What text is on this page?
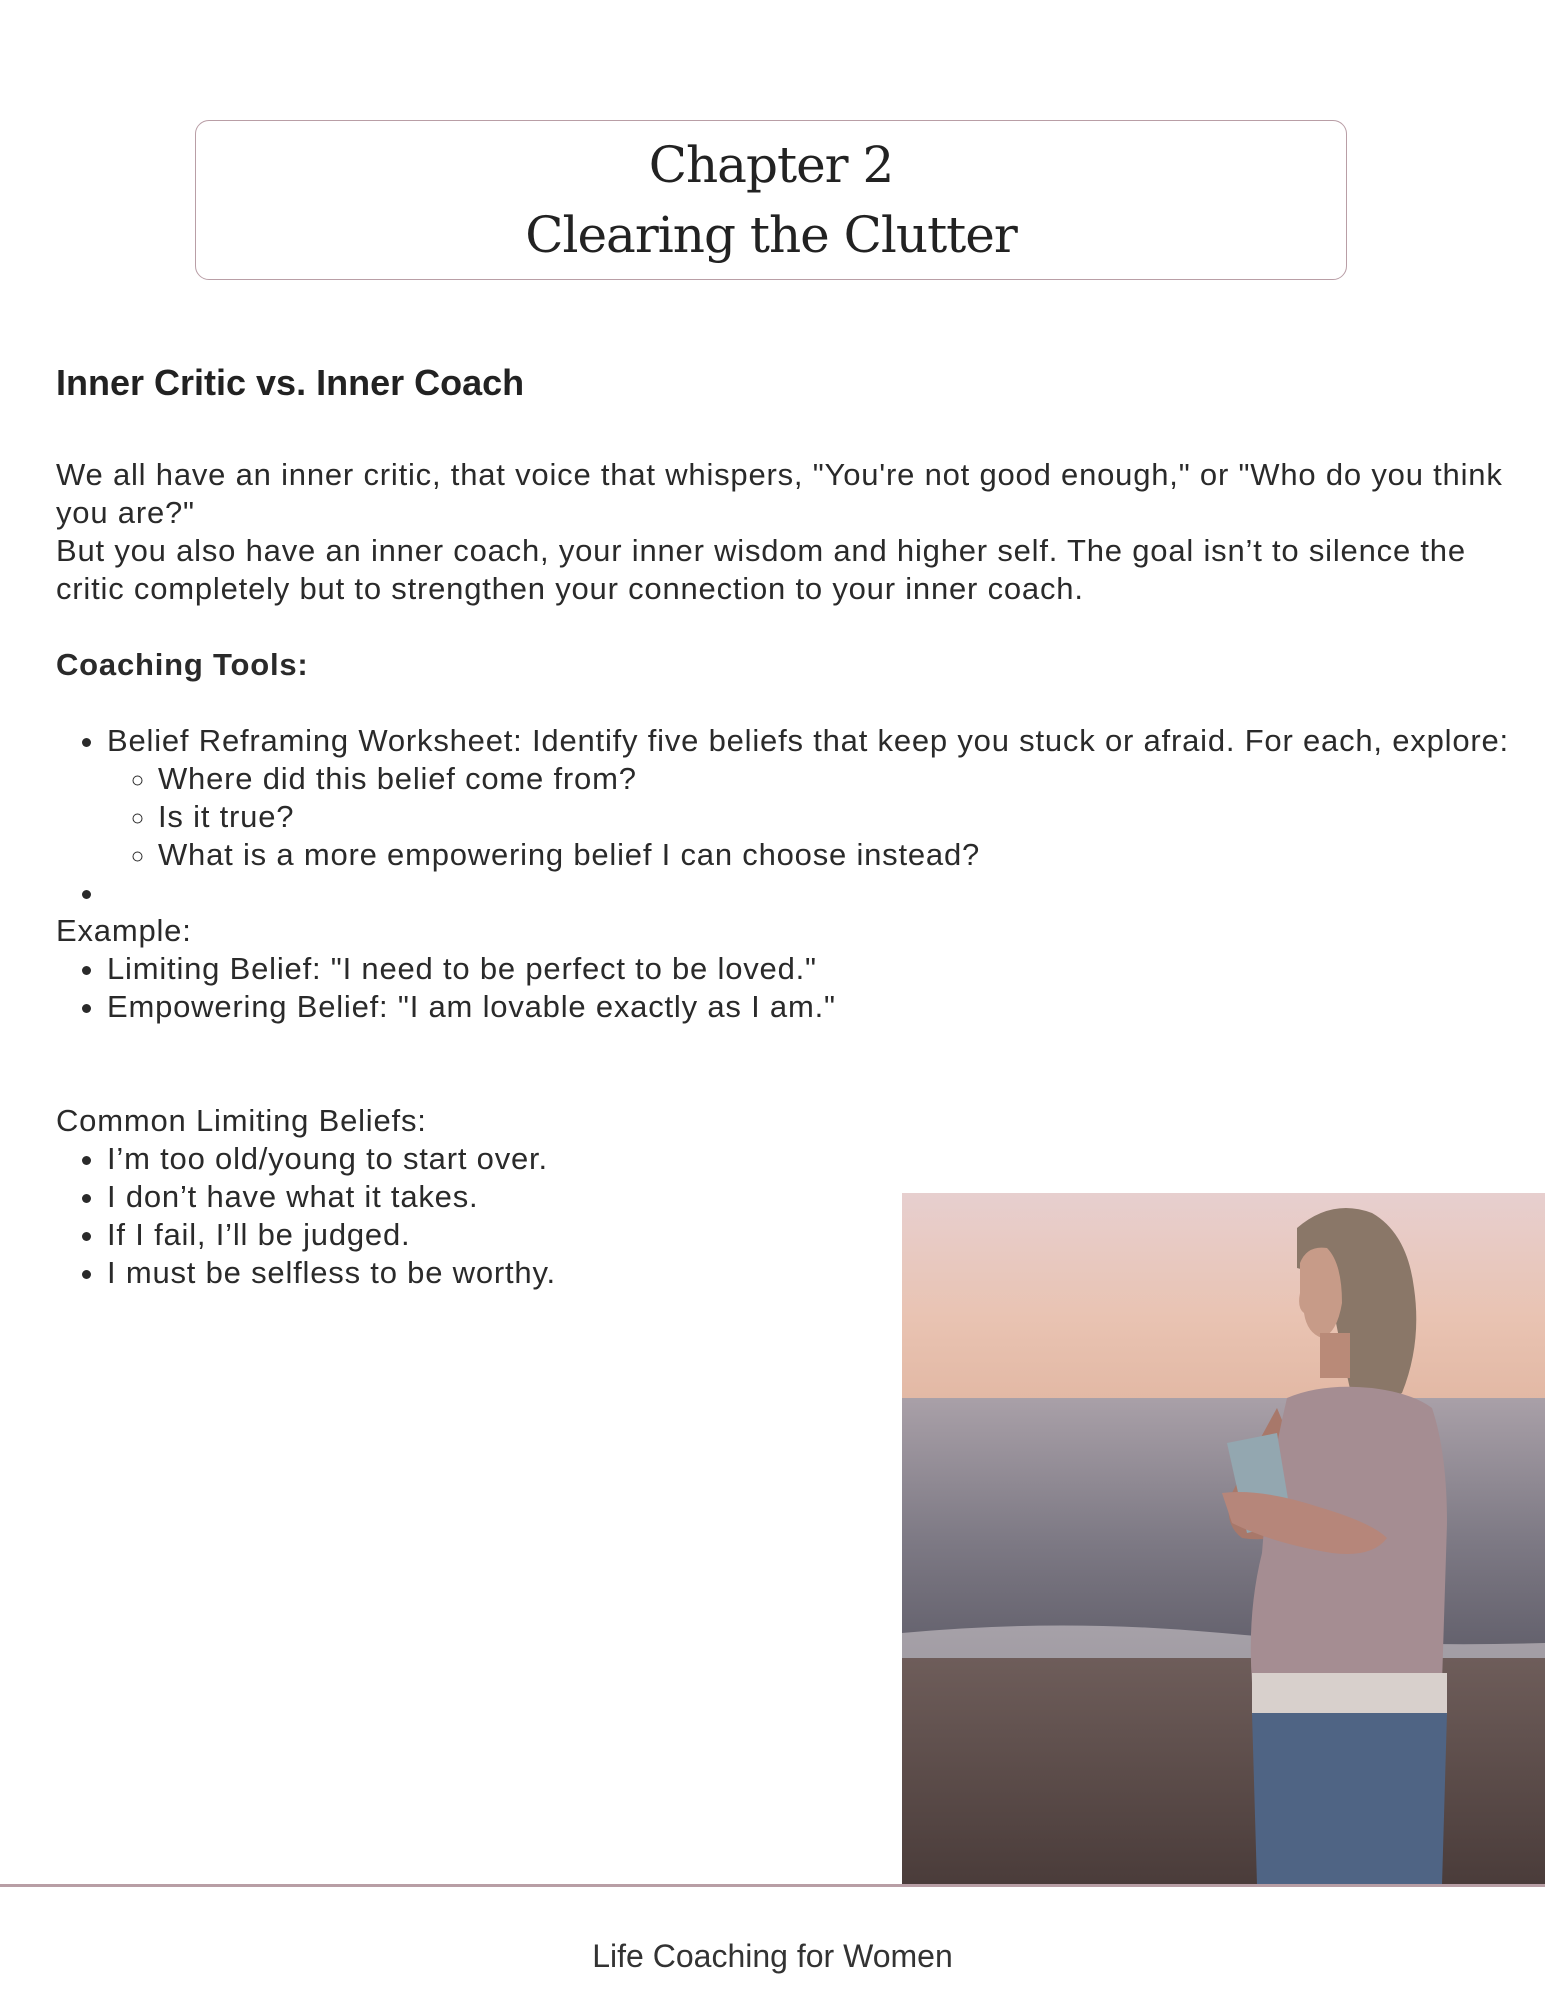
Chapter 2
Clearing the Clutter
Inner Critic vs. Inner Coach

We all have an inner critic, that voice that whispers, "You're not good enough," or "Who do you think you are?"

But you also have an inner coach, your inner wisdom and higher self. The goal isn’t to silence the critic completely but to strengthen your connection to your inner coach.

Coaching Tools:

• Belief Reframing Worksheet: Identify five beliefs that keep you stuck or afraid. For each, explore:
◦ Where did this belief come from?
◦ Is it true?
◦ What is a more empowering belief I can choose instead?
•

Example:

• Limiting Belief: "I need to be perfect to be loved."
• Empowering Belief: "I am lovable exactly as I am."

Common Limiting Beliefs:

• I’m too old/young to start over.
• I don’t have what it takes.
• If I fail, I’ll be judged.
• I must be selfless to be worthy.
Life Coaching for Women
